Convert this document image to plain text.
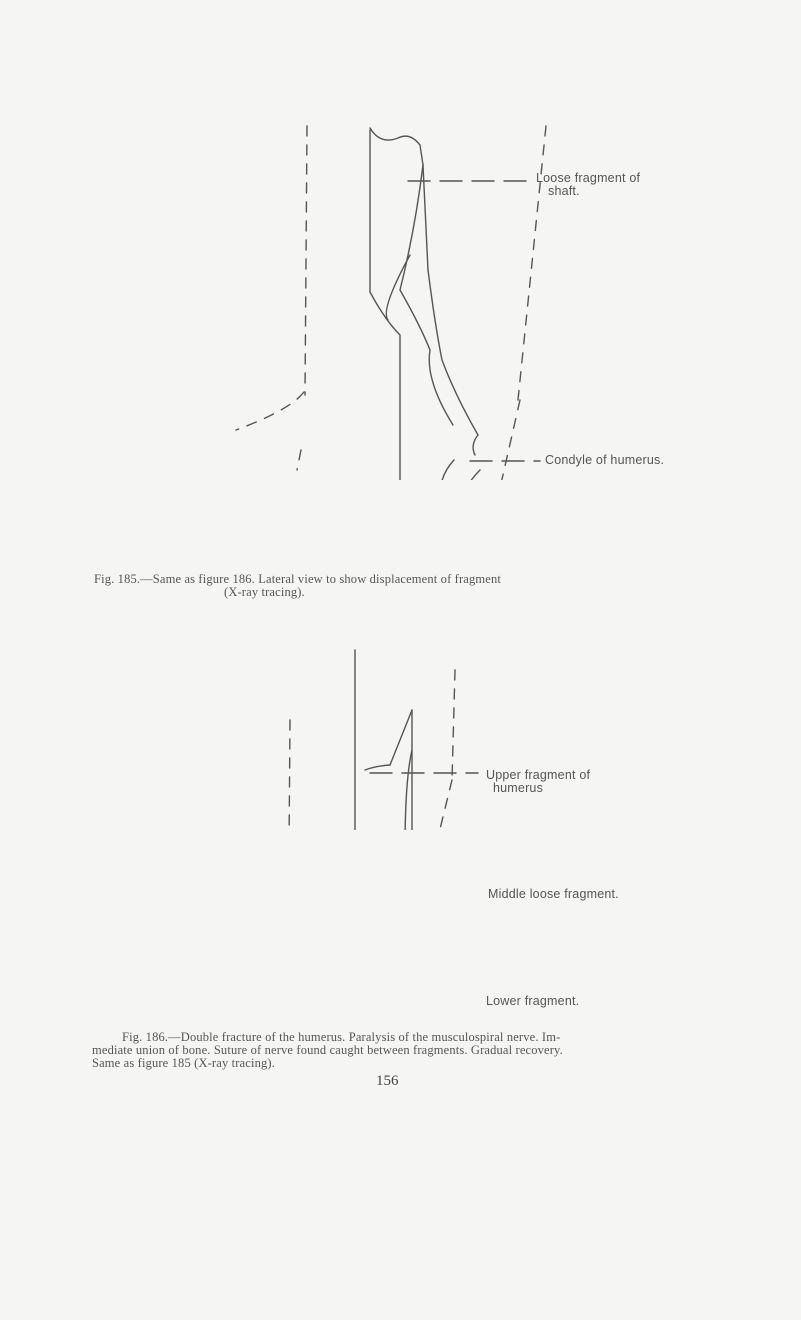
Loose fragment of
shaft.
Condyle of humerus.
Fig. 185.—Same as figure 186. Lateral view to show displacement of fragment
(X-ray tracing).
Upper fragment of
humerus
Middle loose fragment.
Lower fragment.
Fig. 186.—Double fracture of the humerus. Paralysis of the musculospiral nerve. Im-
mediate union of bone. Suture of nerve found caught between fragments. Gradual recovery.
Same as figure 185 (X-ray tracing).
156
